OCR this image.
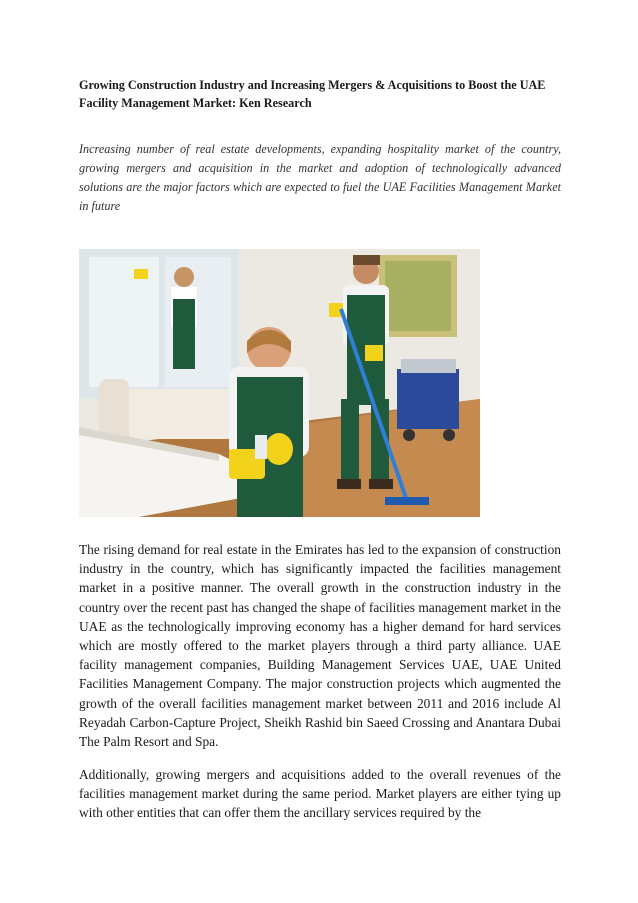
Growing Construction Industry and Increasing Mergers & Acquisitions to Boost the UAE Facility Management Market: Ken Research

Increasing number of real estate developments, expanding hospitality market of the country, growing mergers and acquisition in the market and adoption of technologically advanced solutions are the major factors which are expected to fuel the UAE Facilities Management Market in future

The rising demand for real estate in the Emirates has led to the expansion of construction industry in the country, which has significantly impacted the facilities management market in a positive manner. The overall growth in the construction industry in the country over the recent past has changed the shape of facilities management market in the UAE as the technologically improving economy has a higher demand for hard services which are mostly offered to the market players through a third party alliance. UAE facility management companies, Building Management Services UAE, UAE United Facilities Management Company. The major construction projects which augmented the growth of the overall facilities management market between 2011 and 2016 include Al Reyadah Carbon-Capture Project, Sheikh Rashid bin Saeed Crossing and Anantara Dubai The Palm Resort and Spa.

Additionally, growing mergers and acquisitions added to the overall revenues of the facilities management market during the same period. Market players are either tying up with other entities that can offer them the ancillary services required by the
